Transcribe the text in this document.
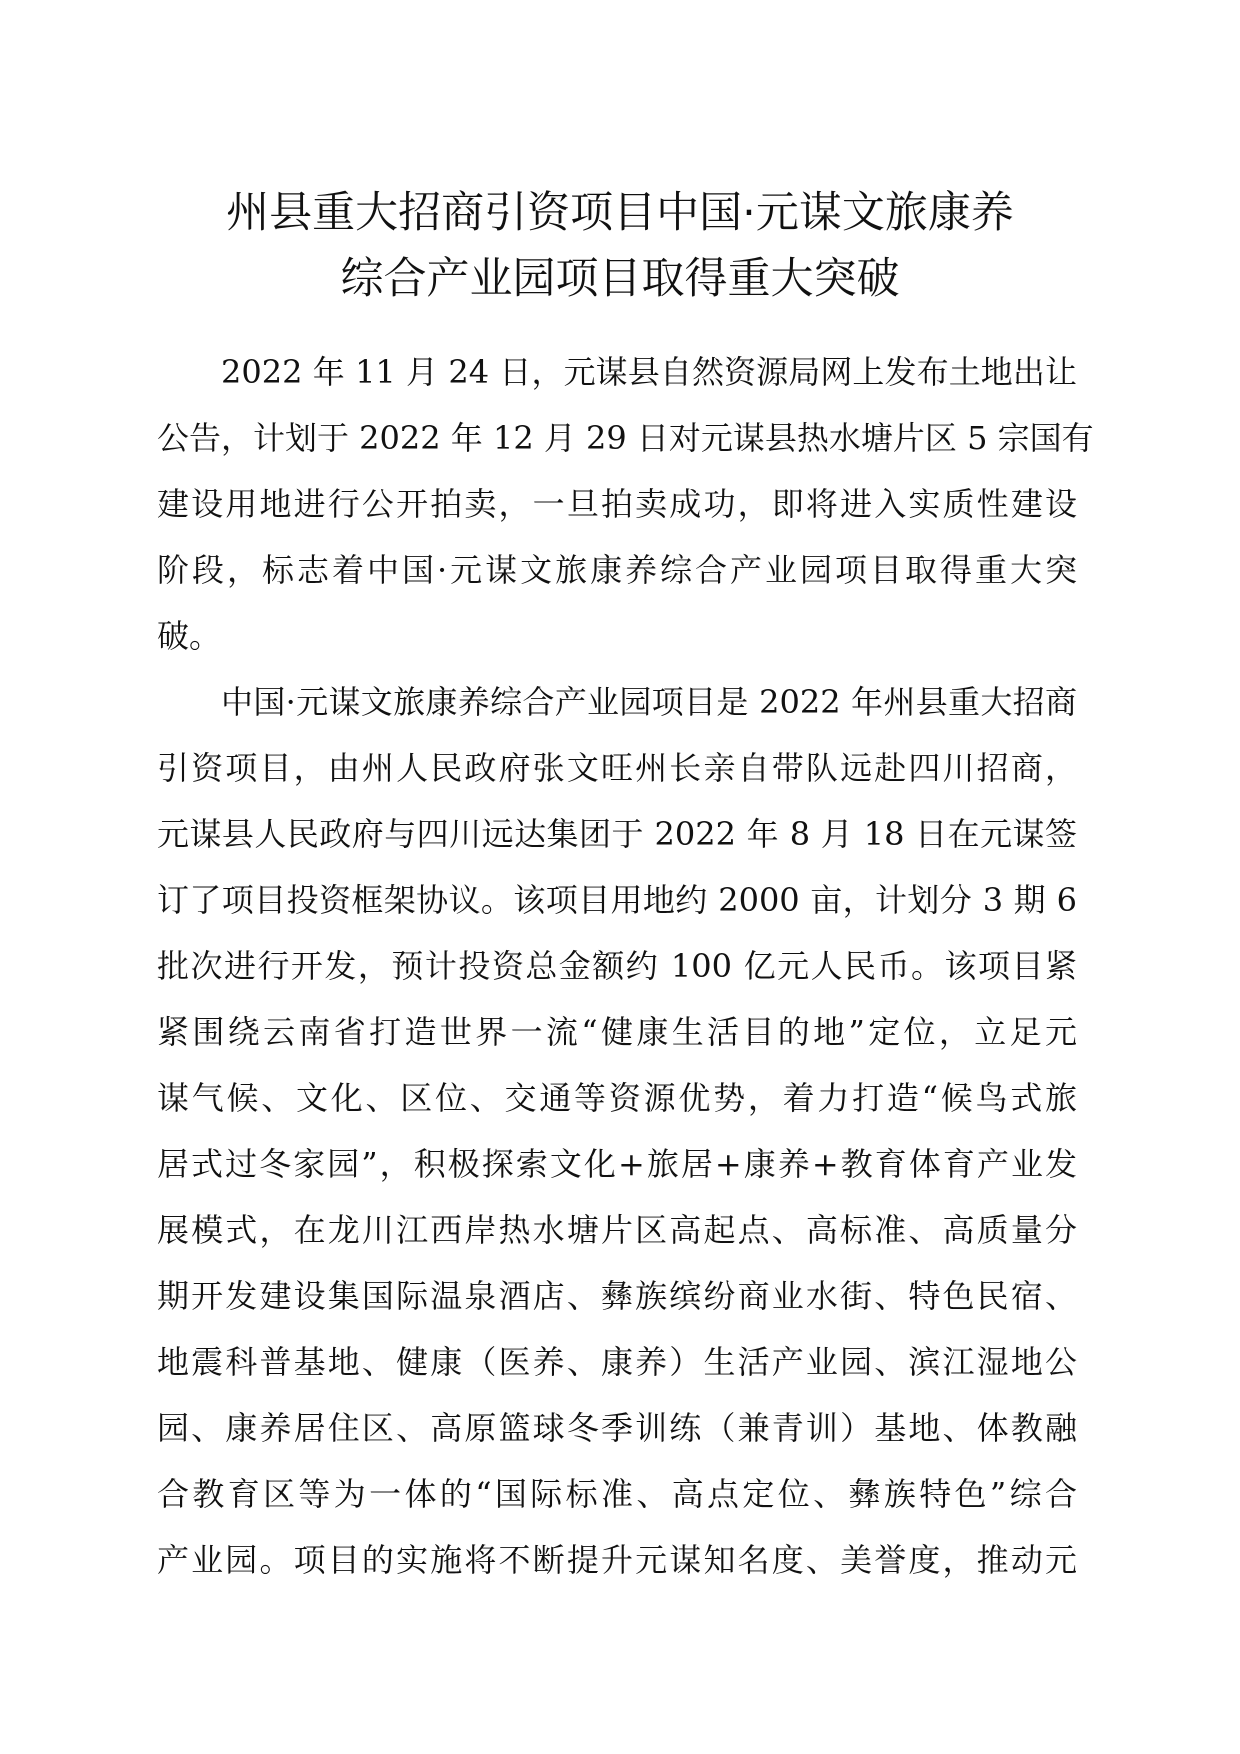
州县重大招商引资项目中国·元谋文旅康养
综合产业园项目取得重大突破
2022 年 11 月 24 日，元谋县自然资源局网上发布土地出让
公告，计划于 2022 年 12 月 29 日对元谋县热水塘片区 5 宗国有
建设用地进行公开拍卖，一旦拍卖成功，即将进入实质性建设
阶段，标志着中国·元谋文旅康养综合产业园项目取得重大突
破。
中国·元谋文旅康养综合产业园项目是 2022 年州县重大招商
引资项目，由州人民政府张文旺州长亲自带队远赴四川招商，
元谋县人民政府与四川远达集团于 2022 年 8 月 18 日在元谋签
订了项目投资框架协议。该项目用地约 2000 亩，计划分 3 期 6
批次进行开发，预计投资总金额约 100 亿元人民币。该项目紧
紧围绕云南省打造世界一流“健康生活目的地”定位，立足元
谋气候、文化、区位、交通等资源优势，着力打造“候鸟式旅
居式过冬家园”，积极探索文化+旅居+康养+教育体育产业发
展模式，在龙川江西岸热水塘片区高起点、高标准、高质量分
期开发建设集国际温泉酒店、彝族缤纷商业水街、特色民宿、
地震科普基地、健康（医养、康养）生活产业园、滨江湿地公
园、康养居住区、高原篮球冬季训练（兼青训）基地、体教融
合教育区等为一体的“国际标准、高点定位、彝族特色”综合
产业园。项目的实施将不断提升元谋知名度、美誉度，推动元
